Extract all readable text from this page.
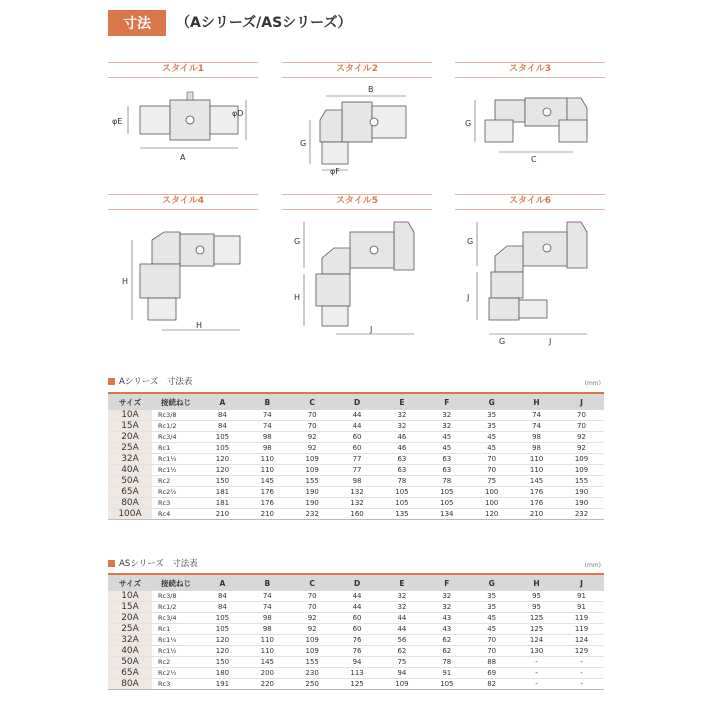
寸法	（Aシリーズ/ASシリーズ）
スタイル1	スタイル2	スタイル3
スタイル4	スタイル5	スタイル6
φE
φD
A
B
G
φF
G
C
H
H
G
H
J
G
J
G	J
Aシリーズ　寸法表	(mm)
サイズ	接続ねじ	A	B	C	D	E	F	G	H	J
10A	Rc3/8	84	74	70	44	32	32	35	74	70
15A	Rc1/2	84	74	70	44	32	32	35	74	70
20A	Rc3/4	105	98	92	60	46	45	45	98	92
25A	Rc1	105	98	92	60	46	45	45	98	92
32A	Rc1¼	120	110	109	77	63	63	70	110	109
40A	Rc1½	120	110	109	77	63	63	70	110	109
50A	Rc2	150	145	155	98	78	78	75	145	155
65A	Rc2½	181	176	190	132	105	105	100	176	190
80A	Rc3	181	176	190	132	105	105	100	176	190
100A	Rc4	210	210	232	160	135	134	120	210	232
ASシリーズ　寸法表	(mm)
サイズ	接続ねじ	A	B	C	D	E	F	G	H	J
10A	Rc3/8	84	74	70	44	32	32	35	95	91
15A	Rc1/2	84	74	70	44	32	32	35	95	91
20A	Rc3/4	105	98	92	60	44	43	45	125	119
25A	Rc1	105	98	92	60	44	43	45	125	119
32A	Rc1¼	120	110	109	76	56	62	70	124	124
40A	Rc1½	120	110	109	76	62	62	70	130	129
50A	Rc2	150	145	155	94	75	78	88	-	-
65A	Rc2½	180	200	230	113	94	91	69	-	-
80A	Rc3	191	220	250	125	109	105	82	-	-
